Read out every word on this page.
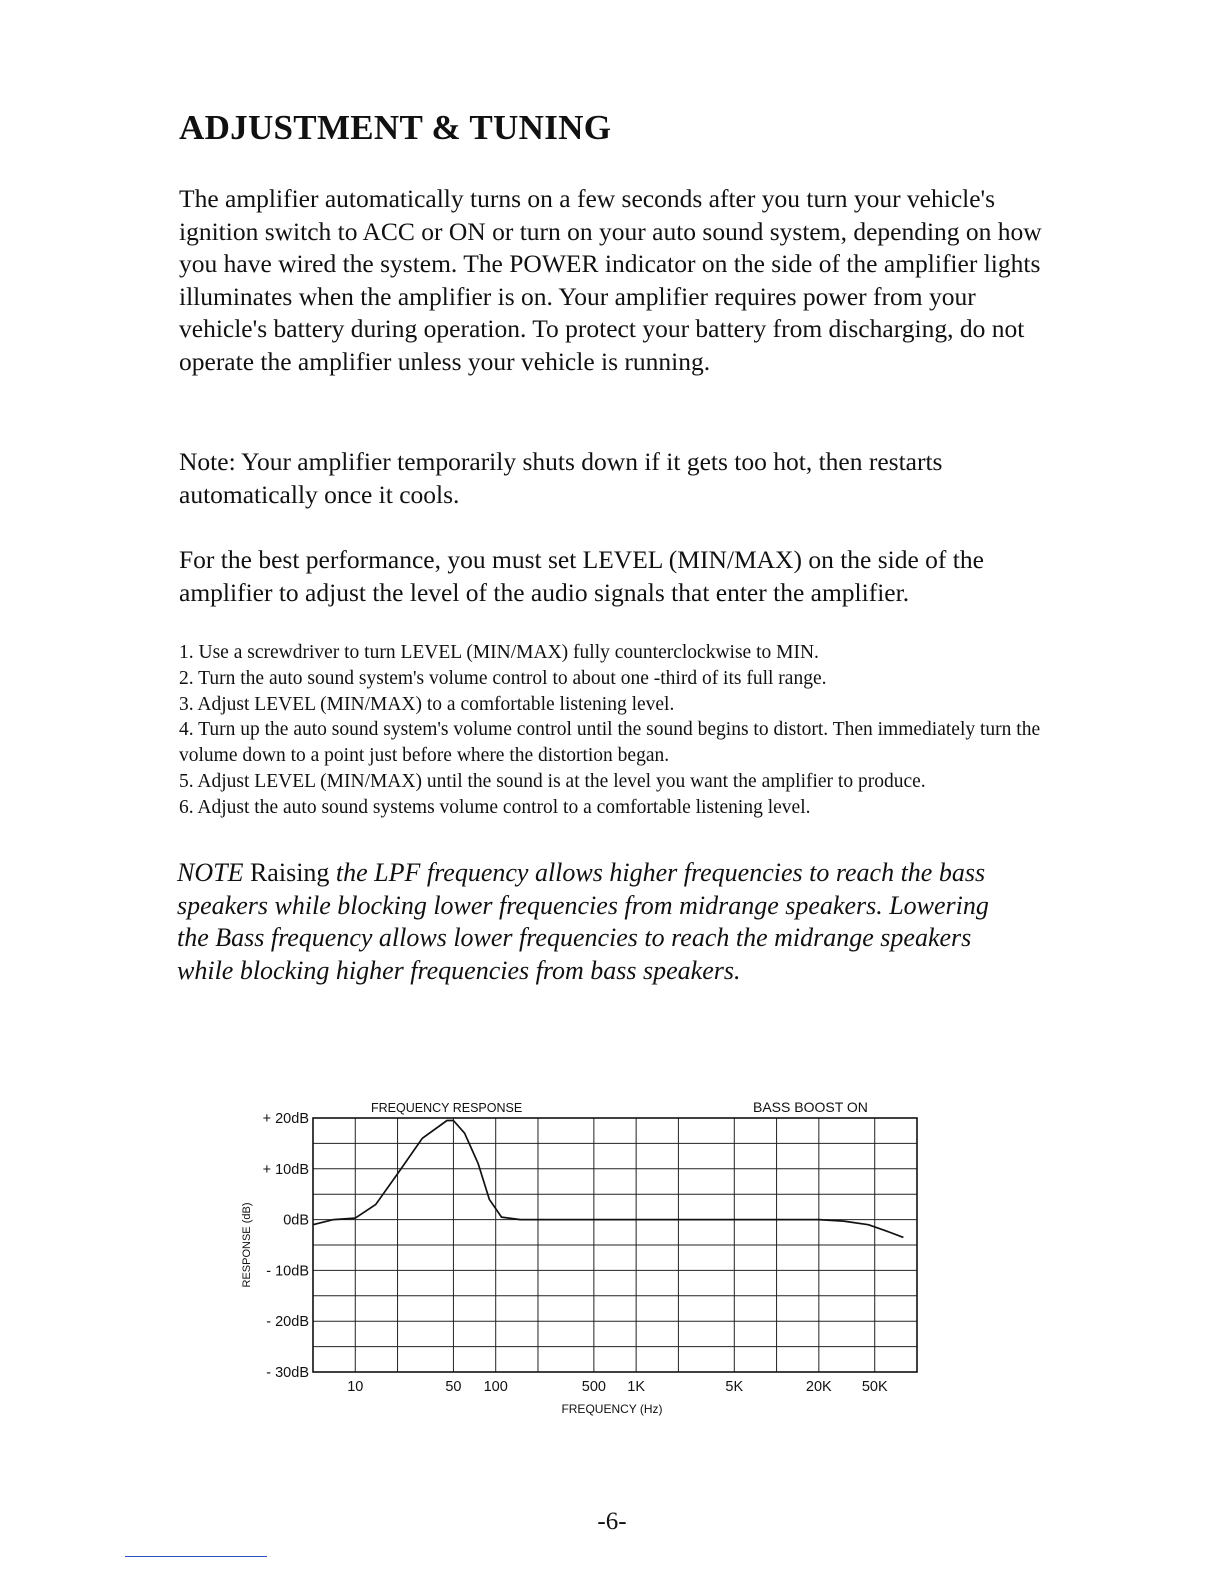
ADJUSTMENT & TUNING

The amplifier automatically turns on a few seconds after you turn your vehicle's ignition switch to ACC or ON or turn on your auto sound system, depending on how you have wired the system. The POWER indicator on the side of the amplifier lights illuminates when the amplifier is on. Your amplifier requires power from your vehicle's battery during operation. To protect your battery from discharging, do not operate the amplifier unless your vehicle is running.

Note: Your amplifier temporarily shuts down if it gets too hot, then restarts automatically once it cools.

For the best performance, you must set LEVEL (MIN/MAX) on the side of the amplifier to adjust the level of the audio signals that enter the amplifier.

1. Use a screwdriver to turn LEVEL (MIN/MAX) fully counterclockwise to MIN.
2. Turn the auto sound system's volume control to about one -third of its full range.
3. Adjust LEVEL (MIN/MAX) to a comfortable listening level.
4. Turn up the auto sound system's volume control until the sound begins to distort. Then immediately turn the volume down to a point just before where the distortion began.
5. Adjust LEVEL (MIN/MAX) until the sound is at the level you want the amplifier to produce.
6. Adjust the auto sound systems volume control to a comfortable listening level.

NOTE Raising the LPF frequency allows higher frequencies to reach the bass speakers while blocking lower frequencies from midrange speakers. Lowering the Bass frequency allows lower frequencies to reach the midrange speakers while blocking higher frequencies from bass speakers.

FREQUENCY RESPONSE	BASS BOOST ON
RESPONSE (dB)
FREQUENCY (Hz)
+ 20dB
+ 10dB
0dB
- 10dB
- 20dB
- 30dB
10	50 100	500 1K	5K	20K 50K
-6-
